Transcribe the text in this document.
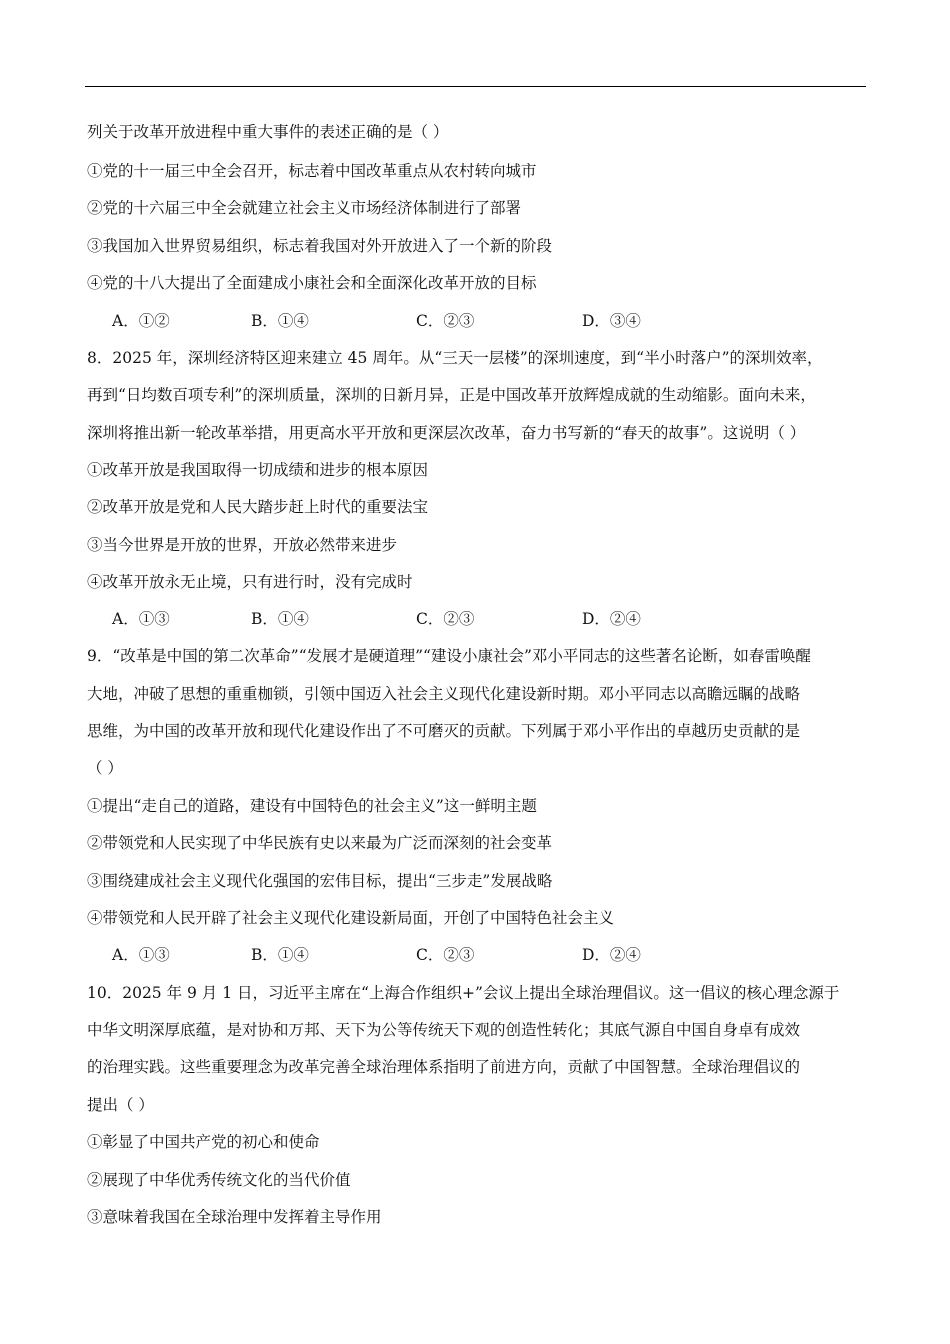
列关于改革开放进程中重大事件的表述正确的是（ ）
①党的十一届三中全会召开，标志着中国改革重点从农村转向城市
②党的十六届三中全会就建立社会主义市场经济体制进行了部署
③我国加入世界贸易组织，标志着我国对外开放进入了一个新的阶段
④党的十八大提出了全面建成小康社会和全面深化改革开放的目标
A．①②	B．①④	C．②③	D．③④
8．2025 年，深圳经济特区迎来建立 45 周年。从“三天一层楼”的深圳速度，到“半小时落户”的深圳效率，
再到“日均数百项专利”的深圳质量，深圳的日新月异，正是中国改革开放辉煌成就的生动缩影。面向未来，
深圳将推出新一轮改革举措，用更高水平开放和更深层次改革，奋力书写新的“春天的故事”。这说明（ ）
①改革开放是我国取得一切成绩和进步的根本原因
②改革开放是党和人民大踏步赶上时代的重要法宝
③当今世界是开放的世界，开放必然带来进步
④改革开放永无止境，只有进行时，没有完成时
A．①③	B．①④	C．②③	D．②④
9．“改革是中国的第二次革命”“发展才是硬道理”“建设小康社会”邓小平同志的这些著名论断，如春雷唤醒
大地，冲破了思想的重重枷锁，引领中国迈入社会主义现代化建设新时期。邓小平同志以高瞻远瞩的战略
思维，为中国的改革开放和现代化建设作出了不可磨灭的贡献。下列属于邓小平作出的卓越历史贡献的是
（ ）
①提出“走自己的道路，建设有中国特色的社会主义”这一鲜明主题
②带领党和人民实现了中华民族有史以来最为广泛而深刻的社会变革
③围绕建成社会主义现代化强国的宏伟目标，提出“三步走”发展战略
④带领党和人民开辟了社会主义现代化建设新局面，开创了中国特色社会主义
A．①③	B．①④	C．②③	D．②④
10．2025 年 9 月 1 日，习近平主席在“上海合作组织+”会议上提出全球治理倡议。这一倡议的核心理念源于
中华文明深厚底蕴，是对协和万邦、天下为公等传统天下观的创造性转化；其底气源自中国自身卓有成效
的治理实践。这些重要理念为改革完善全球治理体系指明了前进方向，贡献了中国智慧。全球治理倡议的
提出（ ）
①彰显了中国共产党的初心和使命
②展现了中华优秀传统文化的当代价值
③意味着我国在全球治理中发挥着主导作用
